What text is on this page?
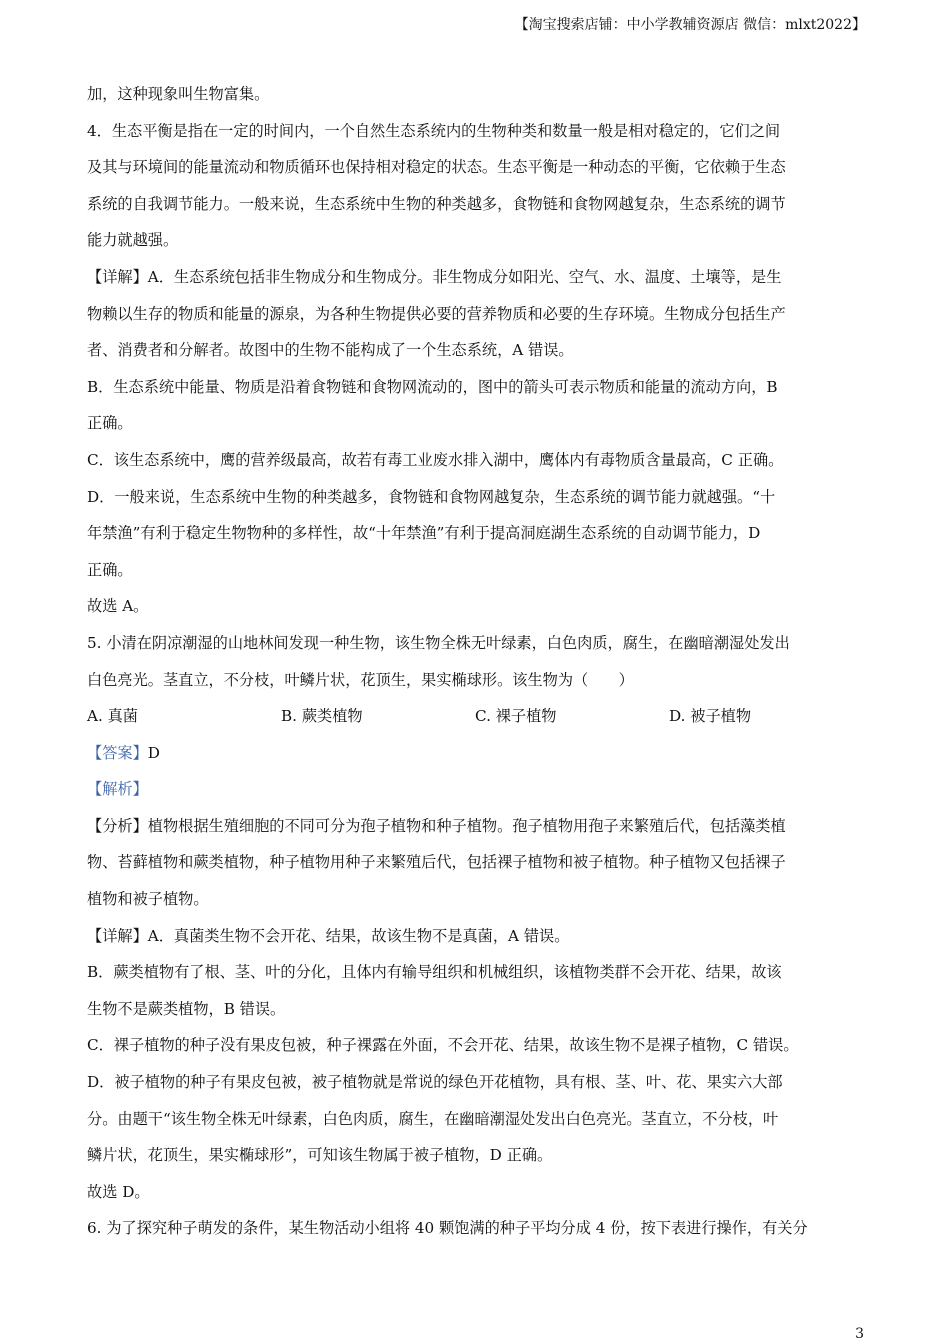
【淘宝搜索店铺：中小学教辅资源店 微信：mlxt2022】

加，这种现象叫生物富集。

4．生态平衡是指在一定的时间内，一个自然生态系统内的生物种类和数量一般是相对稳定的，它们之间

及其与环境间的能量流动和物质循环也保持相对稳定的状态。生态平衡是一种动态的平衡，它依赖于生态

系统的自我调节能力。一般来说，生态系统中生物的种类越多，食物链和食物网越复杂，生态系统的调节

能力就越强。

【详解】A．生态系统包括非生物成分和生物成分。非生物成分如阳光、空气、水、温度、土壤等，是生

物赖以生存的物质和能量的源泉，为各种生物提供必要的营养物质和必要的生存环境。生物成分包括生产

者、消费者和分解者。故图中的生物不能构成了一个生态系统，A 错误。

B．生态系统中能量、物质是沿着食物链和食物网流动的，图中的箭头可表示物质和能量的流动方向，B

正确。

C．该生态系统中，鹰的营养级最高，故若有毒工业废水排入湖中，鹰体内有毒物质含量最高，C 正确。

D．一般来说，生态系统中生物的种类越多，食物链和食物网越复杂，生态系统的调节能力就越强。“十

年禁渔”有利于稳定生物物种的多样性，故“十年禁渔”有利于提高洞庭湖生态系统的自动调节能力，D

正确。

故选 A。

5. 小清在阴凉潮湿的山地林间发现一种生物，该生物全株无叶绿素，白色肉质，腐生，在幽暗潮湿处发出

白色亮光。茎直立，不分枝，叶鳞片状，花顶生，果实椭球形。该生物为（　　）

A. 真菌	B. 蕨类植物	C. 裸子植物	D. 被子植物

【答案】D

【解析】

【分析】植物根据生殖细胞的不同可分为孢子植物和种子植物。孢子植物用孢子来繁殖后代，包括藻类植

物、苔藓植物和蕨类植物，种子植物用种子来繁殖后代，包括裸子植物和被子植物。种子植物又包括裸子

植物和被子植物。

【详解】A．真菌类生物不会开花、结果，故该生物不是真菌，A 错误。

B．蕨类植物有了根、茎、叶的分化，且体内有输导组织和机械组织，该植物类群不会开花、结果，故该

生物不是蕨类植物，B 错误。

C．裸子植物的种子没有果皮包被，种子裸露在外面，不会开花、结果，故该生物不是裸子植物，C 错误。

D．被子植物的种子有果皮包被，被子植物就是常说的绿色开花植物，具有根、茎、叶、花、果实六大部

分。由题干“该生物全株无叶绿素，白色肉质，腐生，在幽暗潮湿处发出白色亮光。茎直立，不分枝，叶

鳞片状，花顶生，果实椭球形”，可知该生物属于被子植物，D 正确。

故选 D。

6. 为了探究种子萌发的条件，某生物活动小组将 40 颗饱满的种子平均分成 4 份，按下表进行操作，有关分

3
